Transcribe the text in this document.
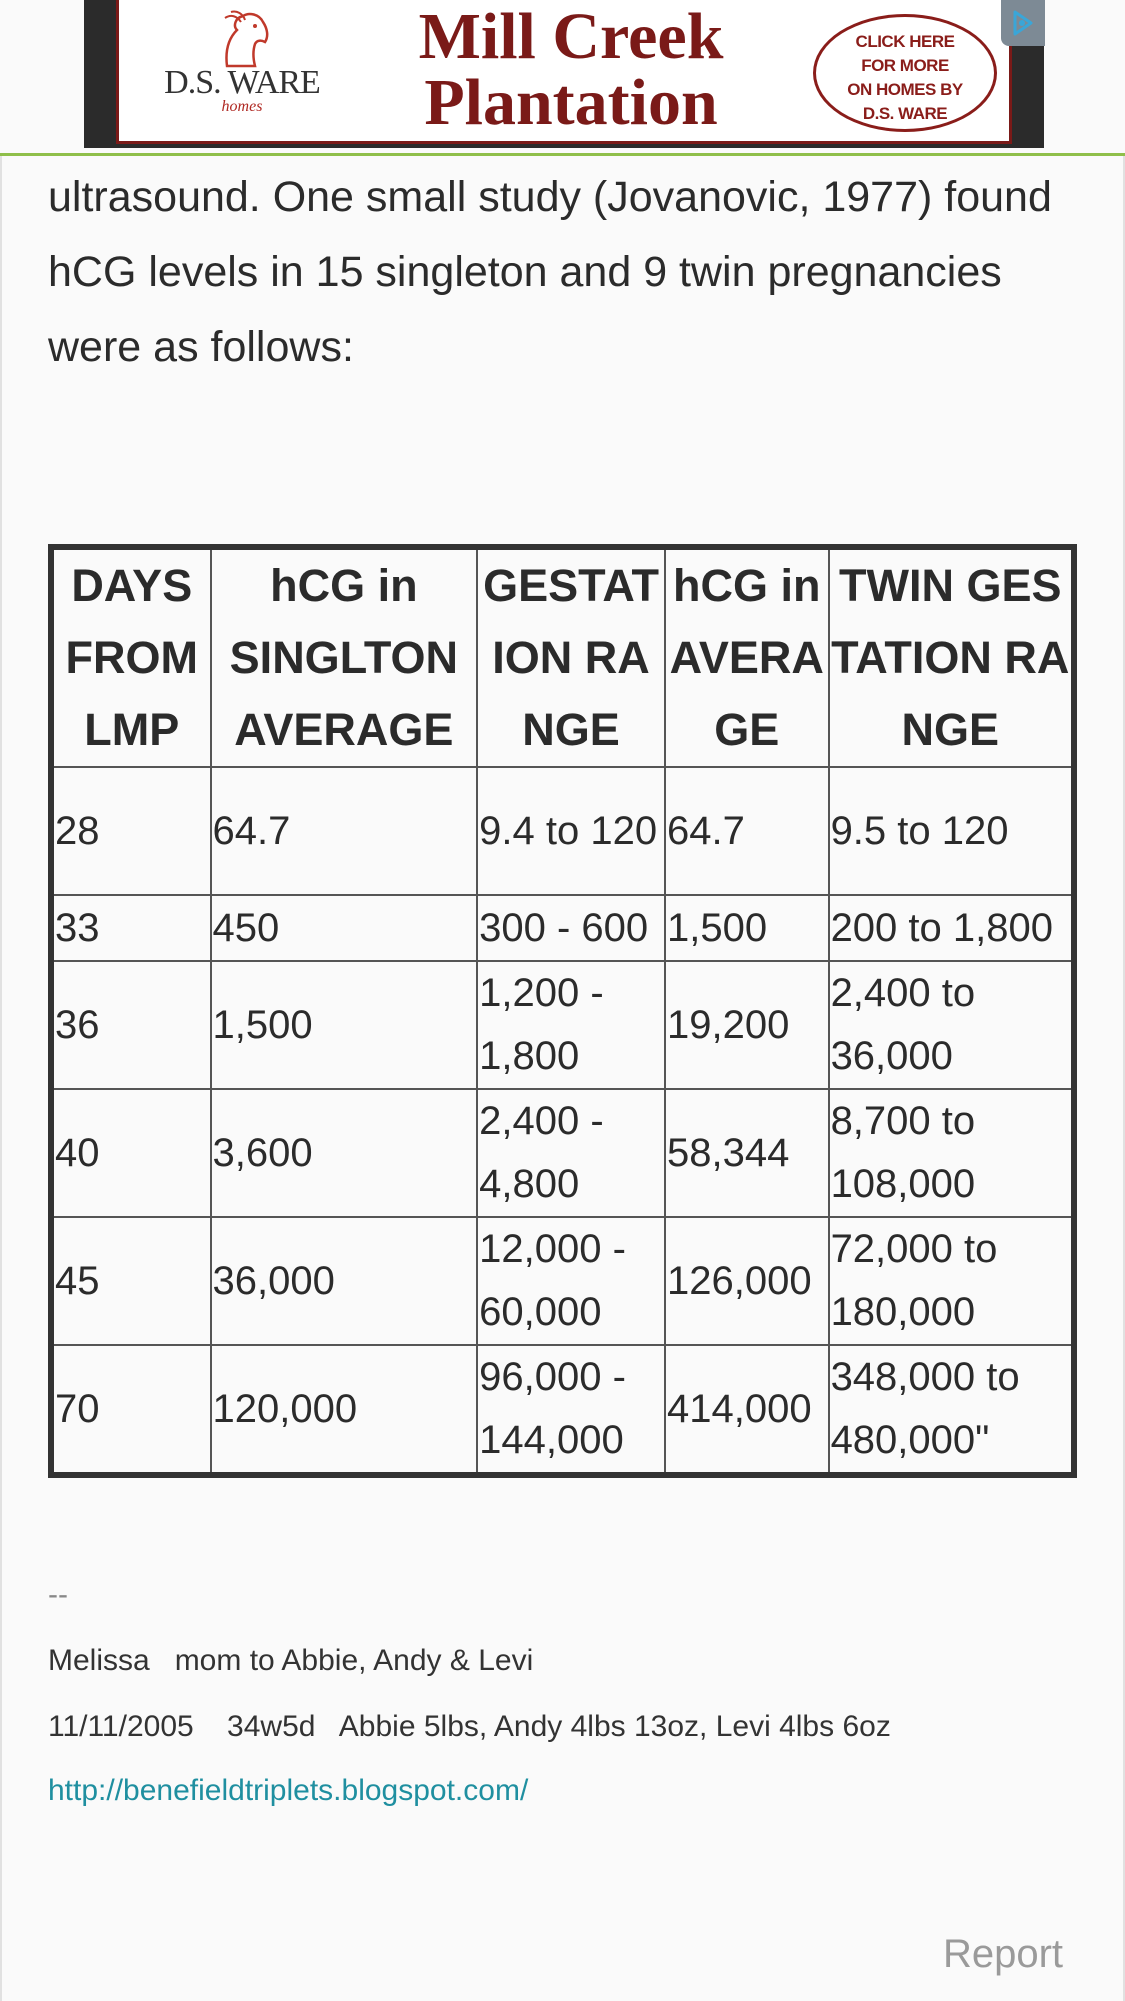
D.S. WARE
homes
Mill Creek
Plantation
CLICK HERE
FOR MORE
ON HOMES BY
D.S. WARE

ultrasound. One small study (Jovanovic, 1977) found hCG levels in 15 singleton and 9 twin pregnancies were as follows:

DAYS FROM LMP	hCG in SINGLTON AVERAGE	GESTATION RANGE	hCG in AVERAGE	TWIN GESTATION RANGE
28	64.7	9.4 to 120	64.7	9.5 to 120
33	450	300 - 600	1,500	200 to 1,800
36	1,500	1,200 - 1,800	19,200	2,400 to 36,000
40	3,600	2,400 - 4,800	58,344	8,700 to 108,000
45	36,000	12,000 - 60,000	126,000	72,000 to 180,000
70	120,000	96,000 - 144,000	414,000	348,000 to 480,000"
--
Melissa   mom to Abbie, Andy & Levi
11/11/2005    34w5d   Abbie 5lbs, Andy 4lbs 13oz, Levi 4lbs 6oz
http://benefieldtriplets.blogspot.com/
Report
